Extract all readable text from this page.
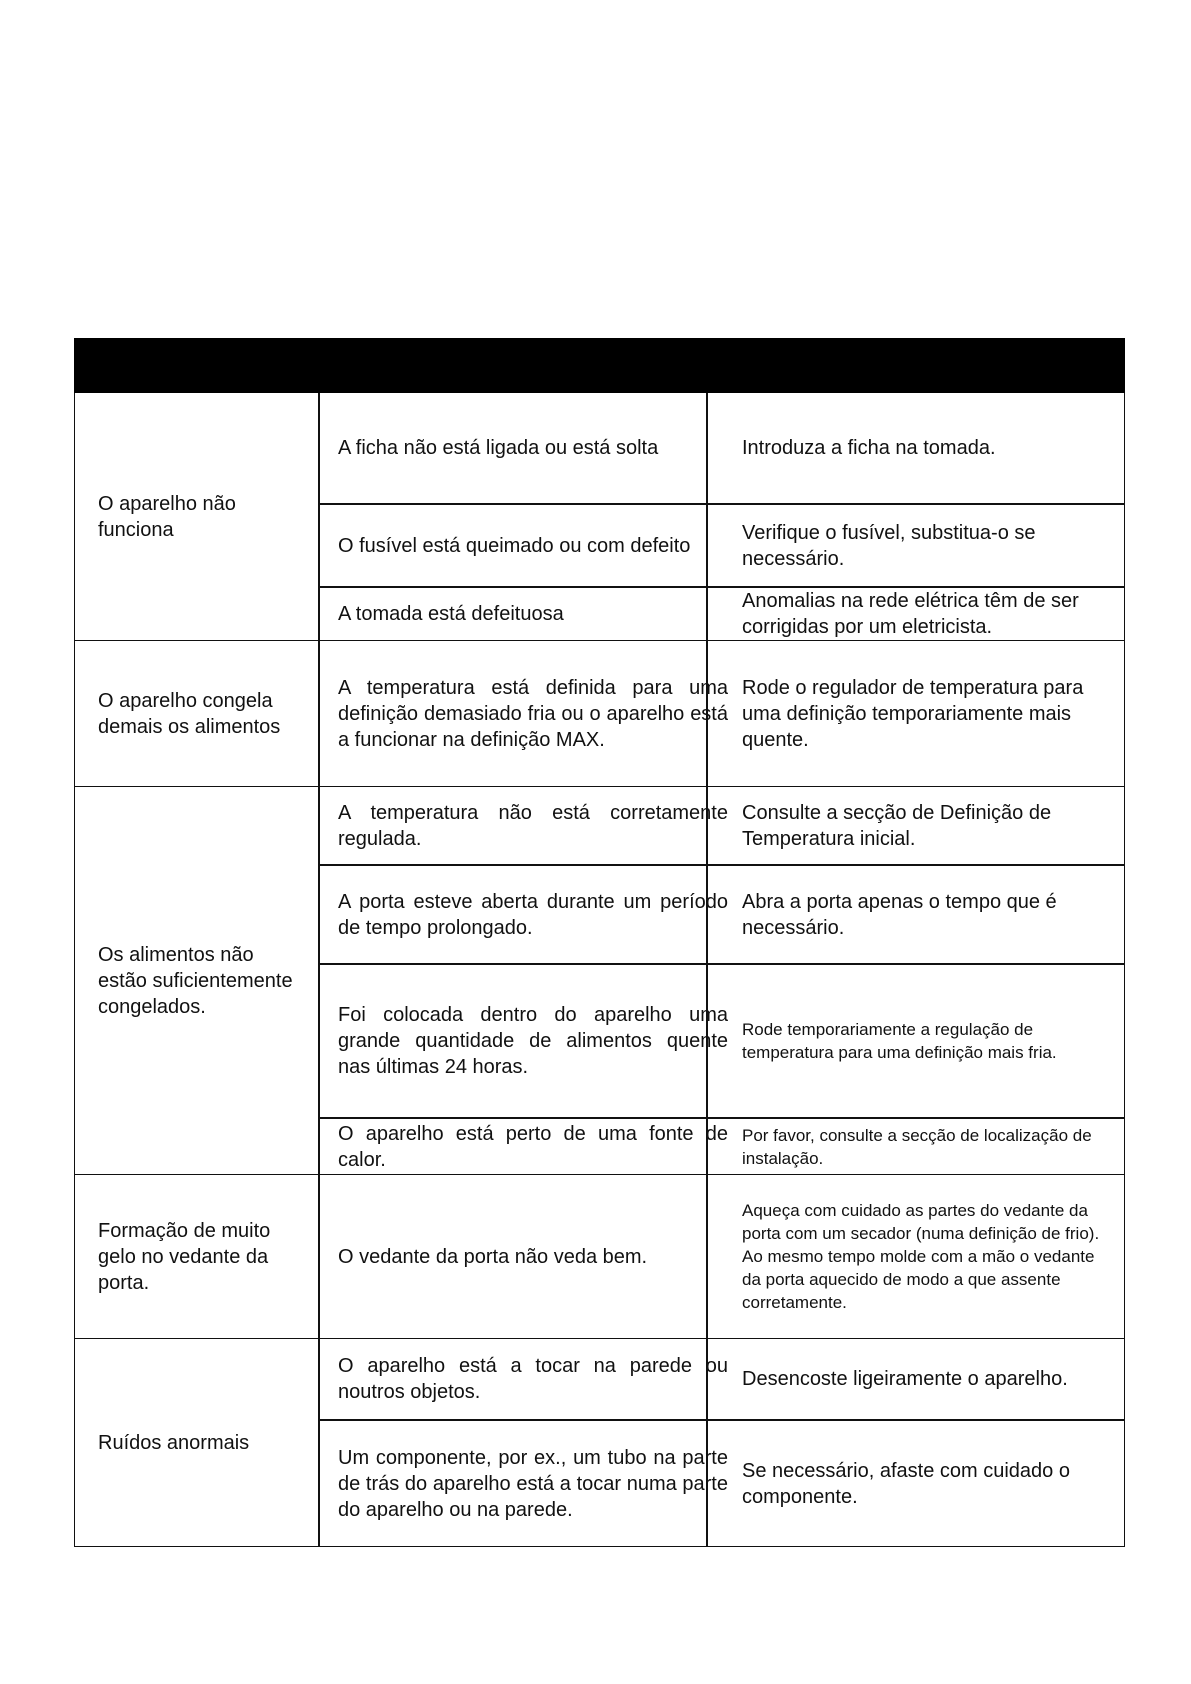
O aparelho não funciona
A ficha não está ligada ou está solta	Introduza a ficha na tomada.
O fusível está queimado ou com defeito
Verifique o fusível, substitua-o se necessário.
A tomada está defeituosa
Anomalias na rede elétrica têm de ser corrigidas por um eletricista.
O aparelho congela demais os alimentos
A temperatura está definida para uma definição demasiado fria ou o aparelho está a funcionar na definição MAX.
Rode o regulador de temperatura para uma definição temporariamente mais quente.
Os alimentos não estão suficientemente congelados.
A temperatura não está corretamente regulada.
Consulte a secção de Definição de Temperatura inicial.
A porta esteve aberta durante um período de tempo prolongado.
Abra a porta apenas o tempo que é necessário.
Foi colocada dentro do aparelho uma grande quantidade de alimentos quente nas últimas 24 horas.
Rode temporariamente a regulação de temperatura para uma definição mais fria.
O aparelho está perto de uma fonte de calor.
Por favor, consulte a secção de localização de instalação.
Formação de muito gelo no vedante da porta.
O vedante da porta não veda bem.
Aqueça com cuidado as partes do vedante da porta com um secador (numa definição de frio). Ao mesmo tempo molde com a mão o vedante da porta aquecido de modo a que assente corretamente.
Ruídos anormais
O aparelho está a tocar na parede ou noutros objetos.
Desencoste ligeiramente o aparelho.
Um componente, por ex., um tubo na parte de trás do aparelho está a tocar numa parte do aparelho ou na parede.
Se necessário, afaste com cuidado o componente.
